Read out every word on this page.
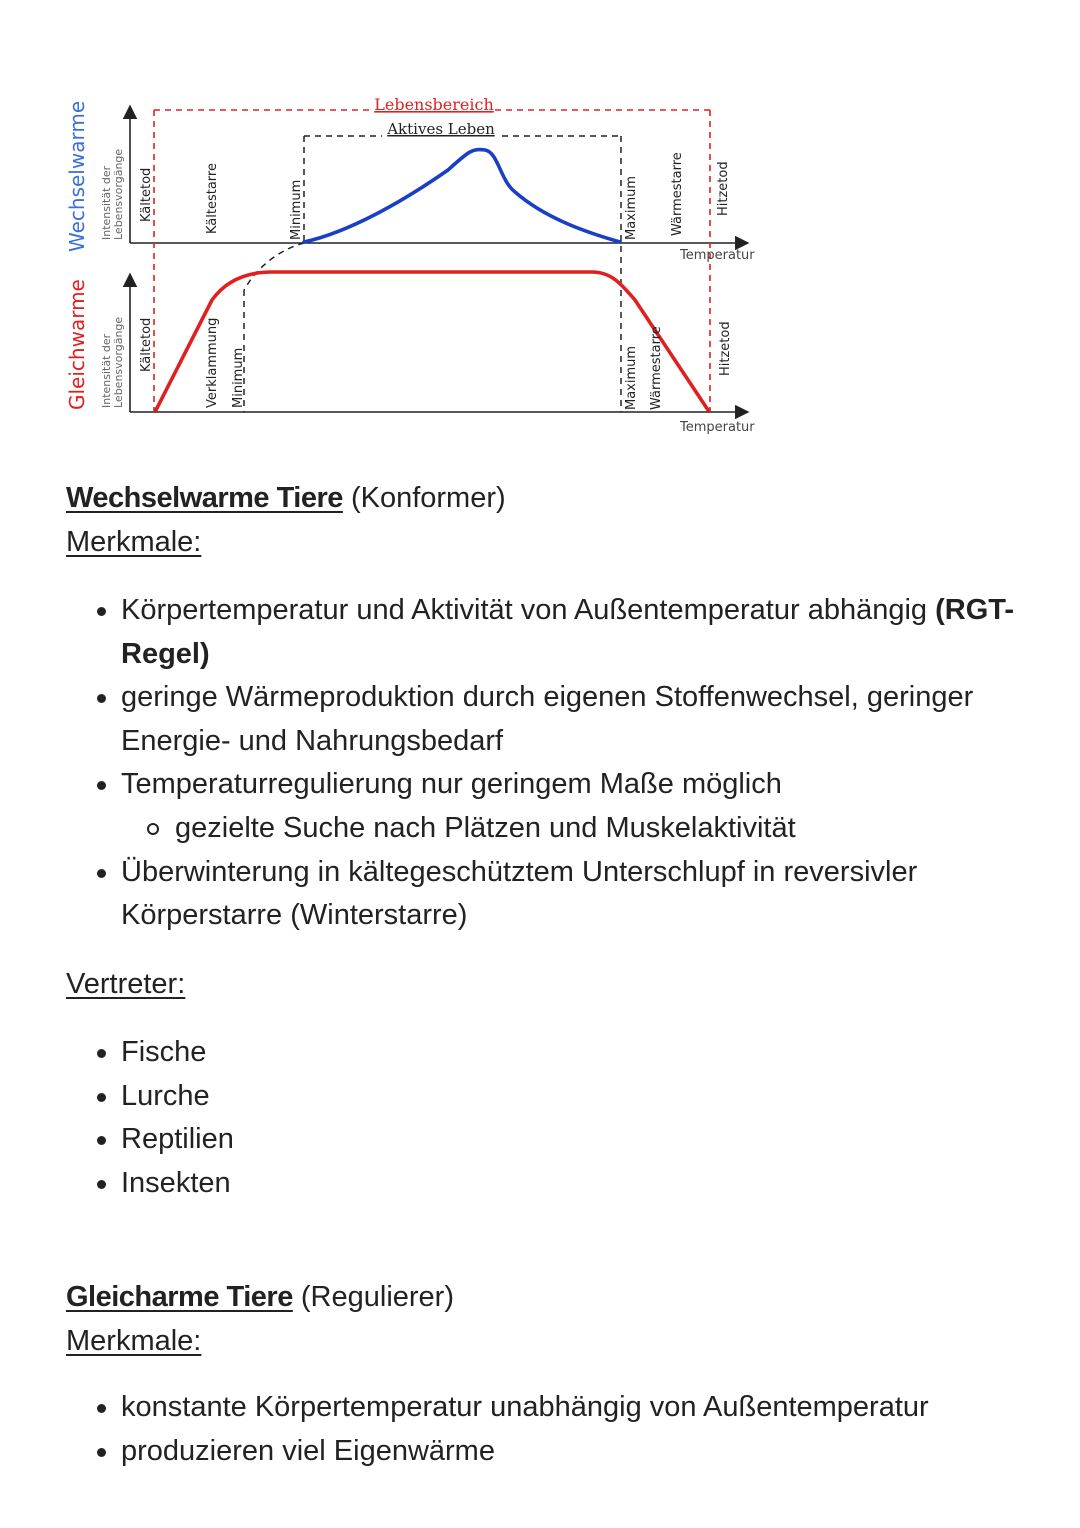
Wechselwarme
Gleichwarme
Intensität der Lebensvorgänge
Intensität der Lebensvorgänge
Lebensbereich
Aktives Leben
Kältetod	Kältestarre	Minimum	Maximum Wärmestarre Hitzetod
Kältetod	Verklammung Minimum	Maximum Wärmestarre	Hitzetod
Temperatur
Temperatur
Wechselwarme Tiere (Konformer)
Merkmale:
Körpertemperatur und Aktivität von Außentemperatur abhängig (RGT-Regel)
geringe Wärmeproduktion durch eigenen Stoffenwechsel, geringer Energie- und Nahrungsbedarf
Temperaturregulierung nur geringem Maße möglich
gezielte Suche nach Plätzen und Muskelaktivität
Überwinterung in kältegeschütztem Unterschlupf in reversivler Körperstarre (Winterstarre)
Vertreter:
Fische
Lurche
Reptilien
Insekten
Gleicharme Tiere (Regulierer)
Merkmale:
konstante Körpertemperatur unabhängig von Außentemperatur
produzieren viel Eigenwärme
